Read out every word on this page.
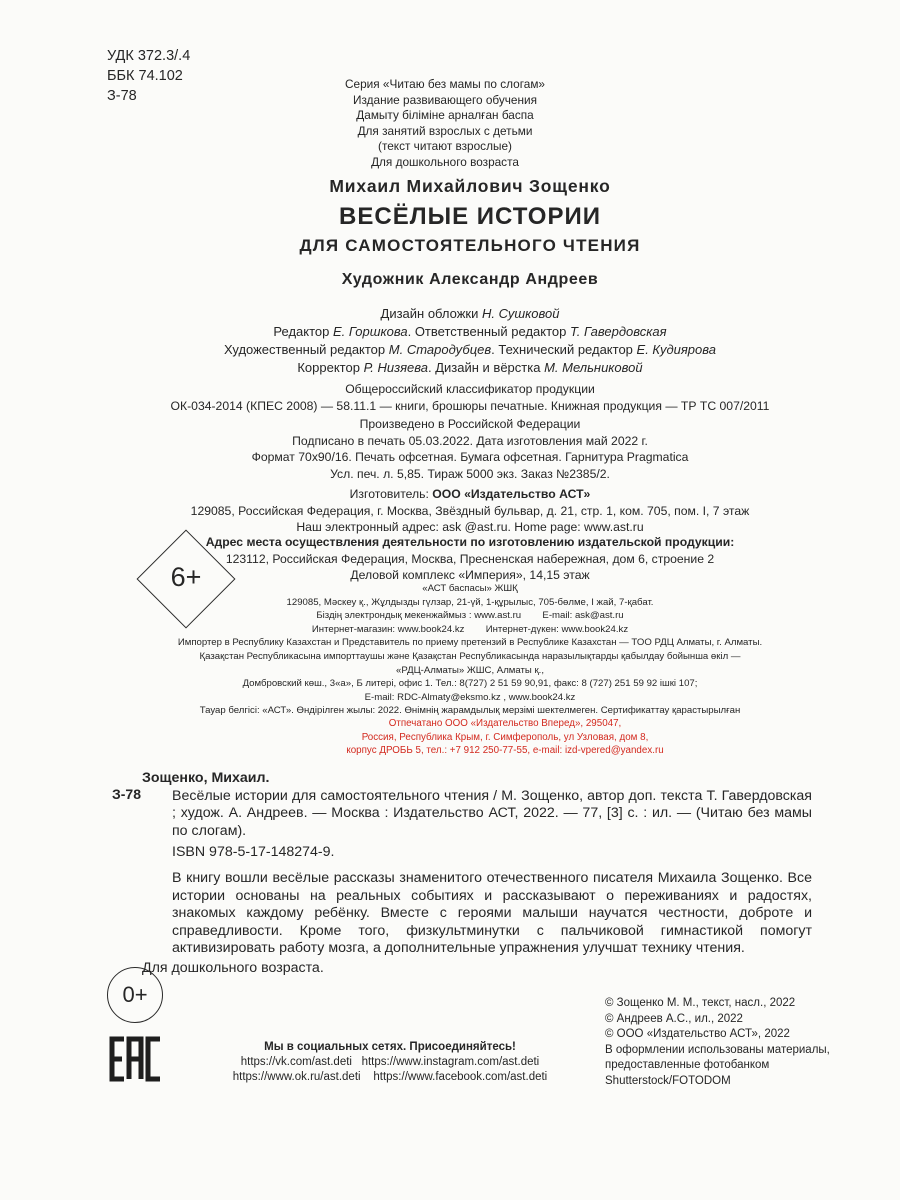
УДК 372.3/.4
ББК 74.102
З-78
Серия «Читаю без мамы по слогам»
Издание развивающего обучения
Дамыту біліміне арналған баспа
Для занятий взрослых с детьми
(текст читают взрослые)
Для дошкольного возраста
Михаил Михайлович Зощенко
ВЕСЁЛЫЕ ИСТОРИИ
ДЛЯ САМОСТОЯТЕЛЬНОГО ЧТЕНИЯ
Художник Александр Андреев
Дизайн обложки Н. Сушковой
Редактор Е. Горшкова. Ответственный редактор Т. Гавердовская
Художественный редактор М. Стародубцев. Технический редактор Е. Кудиярова
Корректор Р. Низяева. Дизайн и вёрстка М. Мельниковой
Общероссийский классификатор продукции
ОК-034-2014 (КПЕС 2008) — 58.11.1 — книги, брошюры печатные. Книжная продукция — ТР ТС 007/2011
Произведено в Российской Федерации
Подписано в печать 05.03.2022. Дата изготовления май 2022 г.
Формат 70х90/16. Печать офсетная. Бумага офсетная. Гарнитура Pragmatica
Усл. печ. л. 5,85. Тираж 5000 экз. Заказ №2385/2.
Изготовитель: ООО «Издательство АСТ»
129085, Российская Федерация, г. Москва, Звёздный бульвар, д. 21, стр. 1, ком. 705, пом. I, 7 этаж
Наш электронный адрес: ask @ast.ru. Home page: www.ast.ru
Адрес места осуществления деятельности по изготовлению издательской продукции:
123112, Российская Федерация, Москва, Пресненская набережная, дом 6, строение 2
Деловой комплекс «Империя», 14,15 этаж
6+	«АСТ баспасы» ЖШҚ
129085, Мәскеу қ., Жұлдызды гүлзар, 21-үй, 1-құрылыс, 705-бөлме, I жай, 7-қабат.
Біздің электрондық мекенжаймыз : www.ast.ru        E-mail: ask@ast.ru
Интернет-магазин: www.book24.kz        Интернет-дүкен: www.book24.kz
Импортер в Республику Казахстан и Представитель по приему претензий в Республике Казахстан — ТОО РДЦ Алматы, г. Алматы.
Қазақстан Республикасына импорттаушы және Қазақстан Республикасында наразылықтарды қабылдау бойынша өкіл —
«РДЦ-Алматы» ЖШС, Алматы қ.,
Домбровский көш., 3«а», Б литері, офис 1. Тел.: 8(727) 2 51 59 90,91, факс: 8 (727) 251 59 92 ішкі 107;
E-mail: RDC-Almaty@eksmo.kz , www.book24.kz
Тауар белгісі: «АСТ». Өндірілген жылы: 2022. Өнімнің жарамдылық мерзімі шектелмеген. Сертификаттау қарастырылған
Отпечатано ООО «Издательство Вперед», 295047,
Россия, Республика Крым, г. Симферополь, ул Узловая, дом 8,
корпус ДРОБЬ 5, тел.: +7 912 250-77-55, e-mail: izd-vpered@yandex.ru

Зощенко, Михаил.

З-78	Весёлые истории для самостоятельного чтения / М. Зощенко, автор доп. текста Т. Гавердовская ; худож. А. Андреев. — Москва : Издательство АСТ, 2022. — 77, [3] с. : ил. — (Читаю без мамы по слогам).

ISBN 978-5-17-148274-9.

В книгу вошли весёлые рассказы знаменитого отечественного писателя Михаила Зощенко. Все истории основаны на реальных событиях и рассказывают о переживаниях и радостях, знакомых каждому ребёнку. Вместе с героями малыши научатся честности, доброте и справедливости. Кроме того, физкультминутки с пальчиковой гимнастикой помогут активизировать работу мозга, а дополнительные упражнения улучшат технику чтения.

Для дошкольного возраста.

0+
Мы в социальных сетях. Присоединяйтесь!
https://vk.com/ast.deti https://www.instagram.com/ast.deti
https://www.ok.ru/ast.deti https://www.facebook.com/ast.deti
© Зощенко М. М., текст, насл., 2022
© Андреев А.С., ил., 2022
© ООО «Издательство АСТ», 2022
В оформлении использованы материалы,
предоставленные фотобанком
Shutterstock/FOTODOM
